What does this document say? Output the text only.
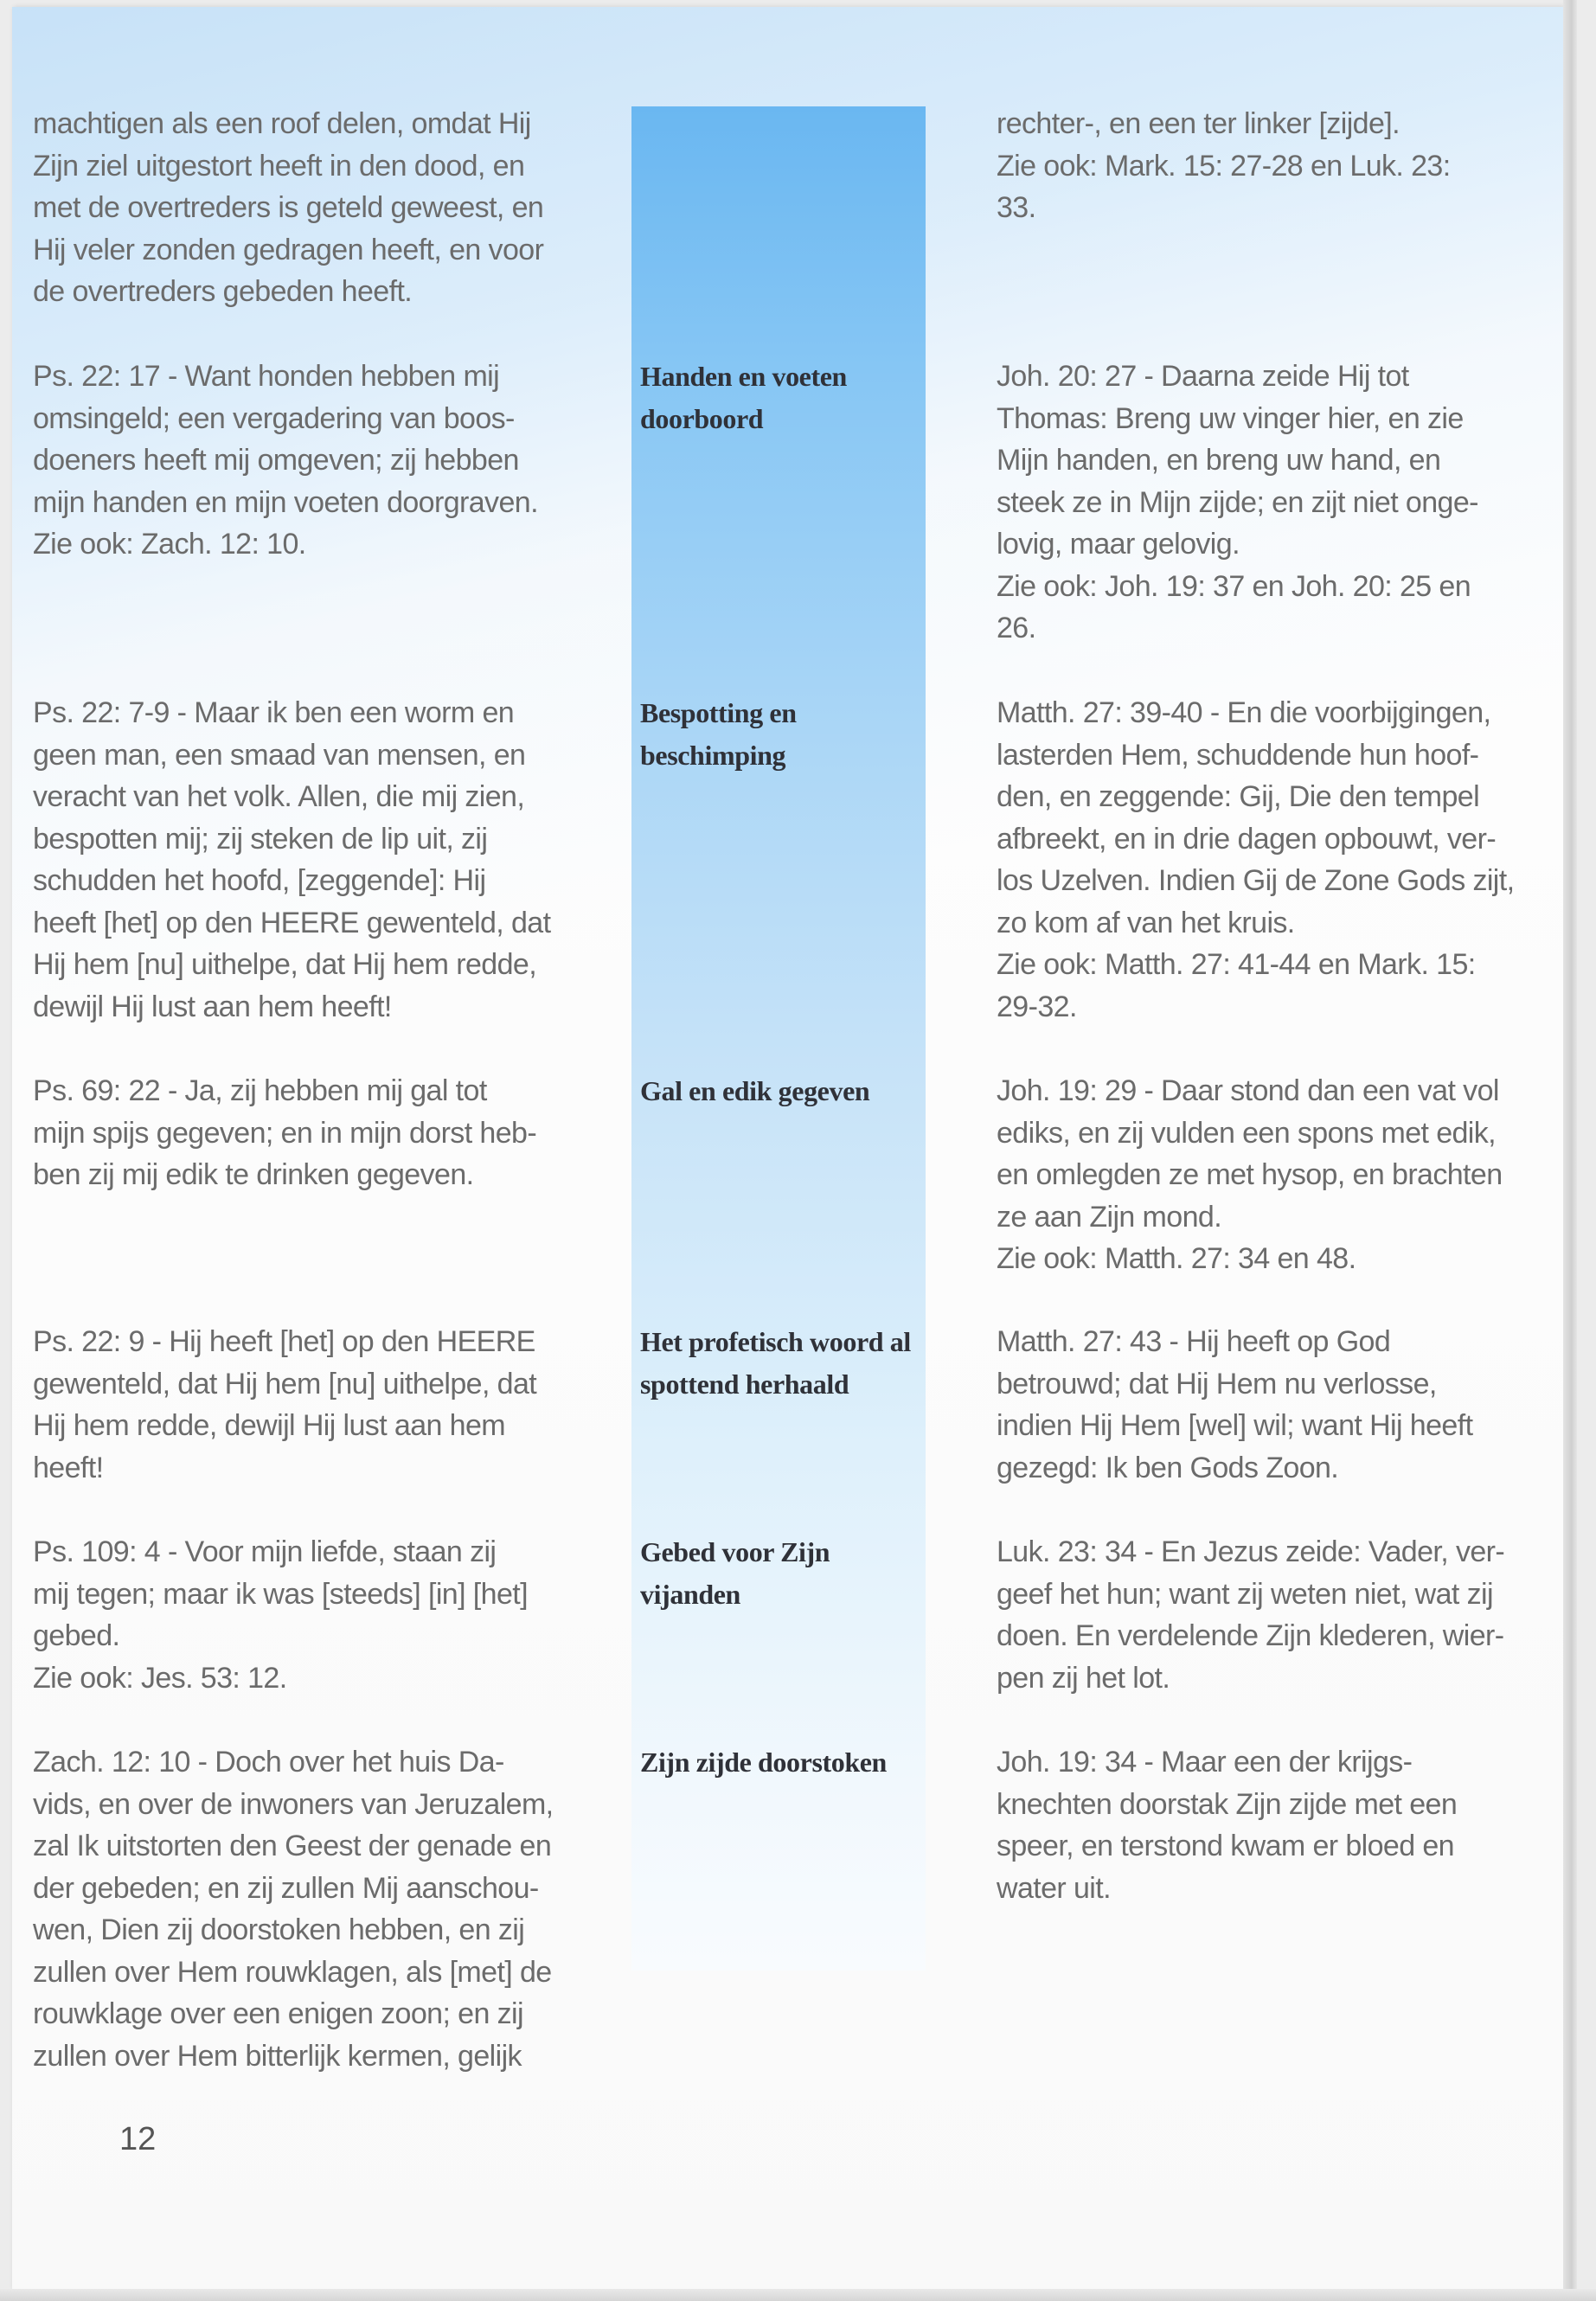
machtigen als een roof delen, omdat Hij
Zijn ziel uitgestort heeft in den dood, en
met de overtreders is geteld geweest, en
Hij veler zonden gedragen heeft, en voor
de overtreders gebeden heeft.
rechter-, en een ter linker [zijde].
Zie ook: Mark. 15: 27-28 en Luk. 23:
33.
Ps. 22: 17 - Want honden hebben mij
omsingeld; een vergadering van boos-
doeners heeft mij omgeven; zij hebben
mijn handen en mijn voeten doorgraven.
Zie ook: Zach. 12: 10.
Handen en voeten
doorboord
Joh. 20: 27 - Daarna zeide Hij tot
Thomas: Breng uw vinger hier, en zie
Mijn handen, en breng uw hand, en
steek ze in Mijn zijde; en zijt niet onge-
lovig, maar gelovig.
Zie ook: Joh. 19: 37 en Joh. 20: 25 en
26.
Ps. 22: 7-9 - Maar ik ben een worm en
geen man, een smaad van mensen, en
veracht van het volk. Allen, die mij zien,
bespotten mij; zij steken de lip uit, zij
schudden het hoofd, [zeggende]: Hij
heeft [het] op den HEERE gewenteld, dat
Hij hem [nu] uithelpe, dat Hij hem redde,
dewijl Hij lust aan hem heeft!
Bespotting en
beschimping
Matth. 27: 39-40 - En die voorbijgingen,
lasterden Hem, schuddende hun hoof-
den, en zeggende: Gij, Die den tempel
afbreekt, en in drie dagen opbouwt, ver-
los Uzelven. Indien Gij de Zone Gods zijt,
zo kom af van het kruis.
Zie ook: Matth. 27: 41-44 en Mark. 15:
29-32.
Ps. 69: 22 - Ja, zij hebben mij gal tot
mijn spijs gegeven; en in mijn dorst heb-
ben zij mij edik te drinken gegeven.
Gal en edik gegeven	Joh. 19: 29 - Daar stond dan een vat vol
ediks, en zij vulden een spons met edik,
en omlegden ze met hysop, en brachten
ze aan Zijn mond.
Zie ook: Matth. 27: 34 en 48.
Ps. 22: 9 - Hij heeft [het] op den HEERE
gewenteld, dat Hij hem [nu] uithelpe, dat
Hij hem redde, dewijl Hij lust aan hem
heeft!
Het profetisch woord al
spottend herhaald
Matth. 27: 43 - Hij heeft op God
betrouwd; dat Hij Hem nu verlosse,
indien Hij Hem [wel] wil; want Hij heeft
gezegd: Ik ben Gods Zoon.
Ps. 109: 4 - Voor mijn liefde, staan zij
mij tegen; maar ik was [steeds] [in] [het]
gebed.
Zie ook: Jes. 53: 12.
Gebed voor Zijn
vijanden
Luk. 23: 34 - En Jezus zeide: Vader, ver-
geef het hun; want zij weten niet, wat zij
doen. En verdelende Zijn klederen, wier-
pen zij het lot.
Zach. 12: 10 - Doch over het huis Da-
vids, en over de inwoners van Jeruzalem,
zal Ik uitstorten den Geest der genade en
der gebeden; en zij zullen Mij aanschou-
wen, Dien zij doorstoken hebben, en zij
zullen over Hem rouwklagen, als [met] de
rouwklage over een enigen zoon; en zij
zullen over Hem bitterlijk kermen, gelijk
Zijn zijde doorstoken	Joh. 19: 34 - Maar een der krijgs-
knechten doorstak Zijn zijde met een
speer, en terstond kwam er bloed en
water uit.
12
